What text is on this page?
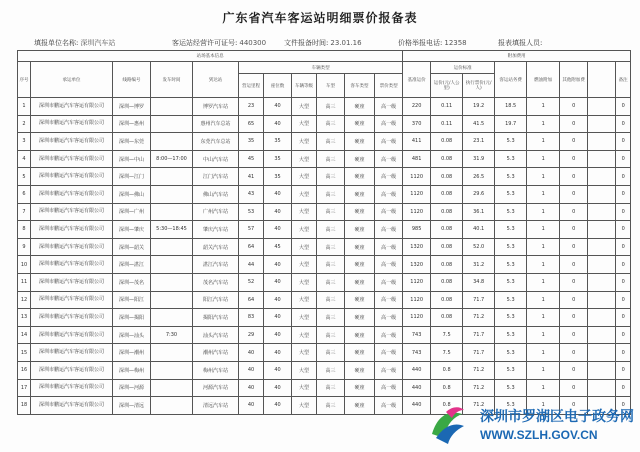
广东省汽车客运站明细票价报备表
填报单位名称: 深圳汽车站	客运站经营许可证号: 440300	文件报备时间: 23.01.16	价格举报电话: 12358	报表填报人员:
站场基本信息											附加费用							
序号	承运单位	线路编号	发车时间	到达站	车辆类型						基准运价	运价标准		客运站务费	燃油附加	其他附加费		备注
					营运里程	座位数	车辆等级	车型	客车类型	票价类型		运价(元/人公里)	执行票价(元/人)					
1	深圳市鹏运汽车客运有限公司	深圳—博罗		博罗汽车站	23	40	大型	高三	硬座	高一级	220	0.11	19.2	18.5	1	0		0
2	深圳市鹏运汽车客运有限公司	深圳—惠州		惠州汽车总站	65	40	大型	高三	硬座	高一级	370	0.11	41.5	19.7	1	0		0
3	深圳市鹏运汽车客运有限公司	深圳—东莞		东莞汽车总站	35	35	大型	高三	硬座	高一级	411	0.08	23.1	5.3	1	0		0
4	深圳市鹏运汽车客运有限公司	深圳—中山	8:00—17:00	中山汽车站	45	35	大型	高三	硬座	高一级	481	0.08	31.9	5.3	1	0		0
5	深圳市鹏运汽车客运有限公司	深圳—江门		江门汽车站	41	35	大型	高三	硬座	高一级	1120	0.08	26.5	5.3	1	0		0
6	深圳市鹏运汽车客运有限公司	深圳—佛山		佛山汽车站	43	40	大型	高三	硬座	高一级	1120	0.08	29.6	5.3	1	0		0
7	深圳市鹏运汽车客运有限公司	深圳—广州		广州汽车站	53	40	大型	高三	硬座	高一级	1120	0.08	36.1	5.3	1	0		0
8	深圳市鹏运汽车客运有限公司	深圳—肇庆	5:30—18:45	肇庆汽车站	57	40	大型	高三	硬座	高一级	985	0.08	40.1	5.3	1	0		0
9	深圳市鹏运汽车客运有限公司	深圳—韶关		韶关汽车站	64	45	大型	高三	硬座	高一级	1320	0.08	52.0	5.3	1	0		0
10	深圳市鹏运汽车客运有限公司	深圳—湛江		湛江汽车站	44	40	大型	高三	硬座	高一级	1320	0.08	31.2	5.3	1	0		0
11	深圳市鹏运汽车客运有限公司	深圳—茂名		茂名汽车站	52	40	大型	高三	硬座	高一级	1120	0.08	34.8	5.3	1	0		0
12	深圳市鹏运汽车客运有限公司	深圳—阳江		阳江汽车站	64	40	大型	高三	硬座	高一级	1120	0.08	71.7	5.3	1	0		0
13	深圳市鹏运汽车客运有限公司	深圳—揭阳		揭阳汽车站	83	40	大型	高三	硬座	高一级	1120	0.08	71.2	5.3	1	0		0
14	深圳市鹏运汽车客运有限公司	深圳—汕头	7:30	汕头汽车站	29	40	大型	高三	硬座	高一级	743	7.5	71.7	5.3	1	0		0
15	深圳市鹏运汽车客运有限公司	深圳—潮州		潮州汽车站	40	40	大型	高三	硬座	高一级	743	7.5	71.7	5.3	1	0		0
16	深圳市鹏运汽车客运有限公司	深圳—梅州		梅州汽车站	40	40	大型	高三	硬座	高一级	440	0.8	71.2	5.3	1	0		0
17	深圳市鹏运汽车客运有限公司	深圳—河源		河源汽车站	40	40	大型	高三	硬座	高一级	440	0.8	71.2	5.3	1	0		0
18	深圳市鹏运汽车客运有限公司	深圳—清远		清远汽车站	40	40	大型	高三	硬座	高一级	440	0.8	71.2	5.3	1	0		0
深圳市罗湖区电子政务网
WWW.SZLH.GOV.CN
